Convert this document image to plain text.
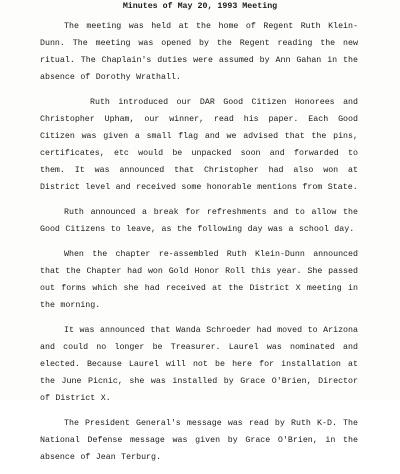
Minutes of May 20, 1993 Meeting

The meeting was held at the home of Regent Ruth Klein-Dunn. The meeting was opened by the Regent reading the new ritual. The Chaplain's duties were assumed by Ann Gahan in the absence of Dorothy Wrathall.

Ruth introduced our DAR Good Citizen Honorees and Christopher Upham, our winner, read his paper. Each Good Citizen was given a small flag and we advised that the pins, certificates, etc would be unpacked soon and forwarded to them. It was announced that Christopher had also won at District level and received some honorable mentions from State.

Ruth announced a break for refreshments and to allow the Good Citizens to leave, as the following day was a school day.

When the chapter re-assembled Ruth Klein-Dunn announced that the Chapter had won Gold Honor Roll this year. She passed out forms which she had received at the District X meeting in the morning.

It was announced that Wanda Schroeder had moved to Arizona and could no longer be Treasurer. Laurel was nominated and elected. Because Laurel will not be here for installation at the June Picnic, she was installed by Grace O'Brien, Director of District X.

The President General's message was read by Ruth K-D. The National Defense message was given by Grace O'Brien, in the absence of Jean Terburg.
